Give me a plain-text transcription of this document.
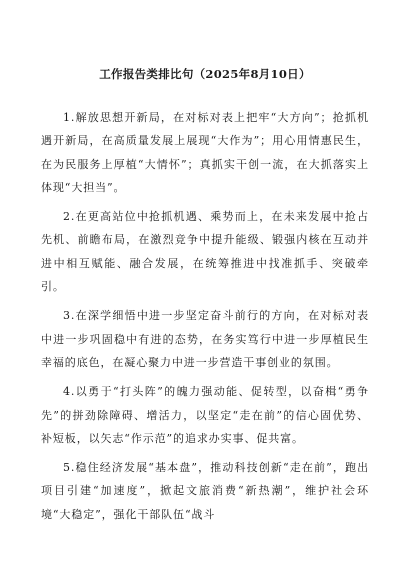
工作报告类排比句（2025年8月10日）

1.解放思想开新局，在对标对表上把牢“大方向”；抢抓机遇开新局，在高质量发展上展现“大作为”；用心用情惠民生，在为民服务上厚植“大情怀”；真抓实干创一流，在大抓落实上体现“大担当”。

2.在更高站位中抢抓机遇、乘势而上，在未来发展中抢占先机、前瞻布局，在激烈竞争中提升能级、锻强内核在互动并进中相互赋能、融合发展，在统筹推进中找准抓手、突破牵引。

3.在深学细悟中进一步坚定奋斗前行的方向，在对标对表中进一步巩固稳中有进的态势，在务实笃行中进一步厚植民生幸福的底色，在凝心聚力中进一步营造干事创业的氛围。

4.以勇于“打头阵”的魄力强动能、促转型，以奋楫“勇争先”的拼劲除障碍、增活力，以坚定“走在前”的信心固优势、补短板，以矢志“作示范”的追求办实事、促共富。

5.稳住经济发展“基本盘”，推动科技创新“走在前”，跑出项目引建“加速度”，掀起文旅消费“新热潮”，维护社会环境“大稳定”，强化干部队伍“战斗
